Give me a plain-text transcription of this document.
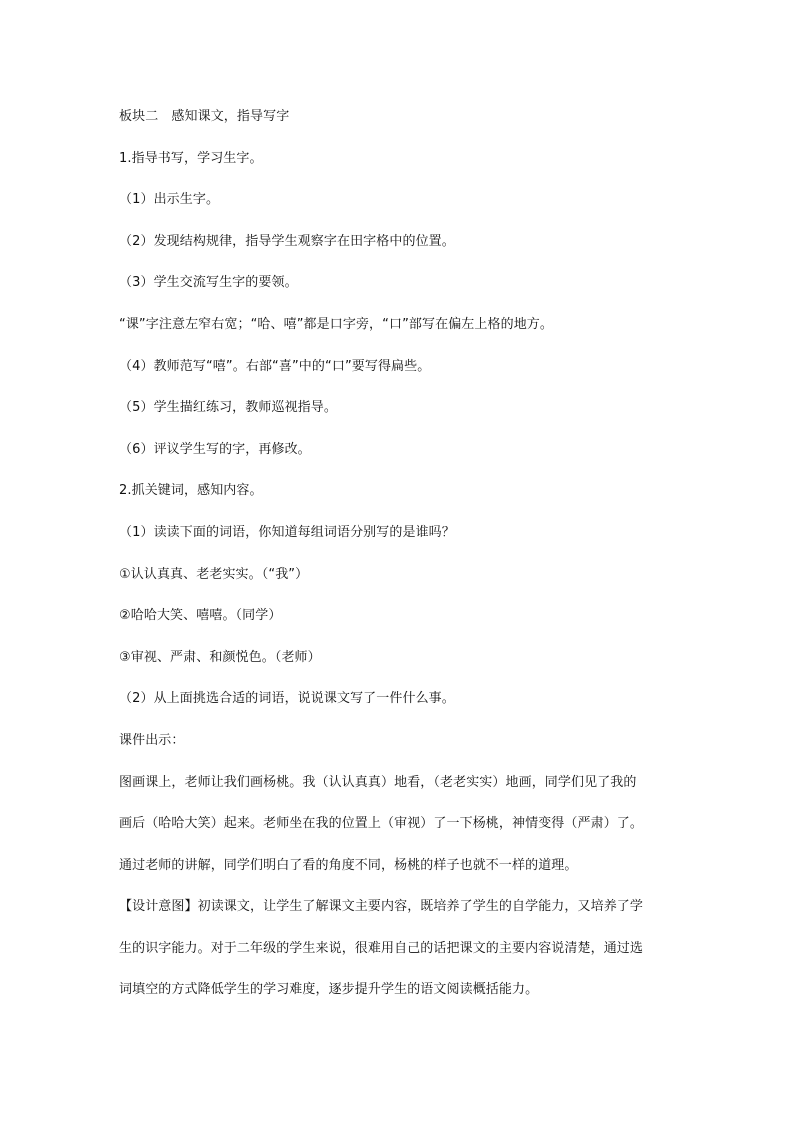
板块二　感知课文，指导写字
1.指导书写，学习生字。
（1）出示生字。
（2）发现结构规律，指导学生观察字在田字格中的位置。
（3）学生交流写生字的要领。
“课”字注意左窄右宽；“哈、嘻”都是口字旁，“口”部写在偏左上格的地方。
（4）教师范写“嘻”。右部“喜”中的“口”要写得扁些。
（5）学生描红练习，教师巡视指导。
（6）评议学生写的字，再修改。
2.抓关键词，感知内容。
（1）读读下面的词语，你知道每组词语分别写的是谁吗？
①认认真真、老老实实。（“我”）
②哈哈大笑、嘻嘻。（同学）
③审视、严肃、和颜悦色。（老师）
（2）从上面挑选合适的词语，说说课文写了一件什么事。
课件出示：
图画课上，老师让我们画杨桃。我（认认真真）地看，（老老实实）地画，同学们见了我的
画后（哈哈大笑）起来。老师坐在我的位置上（审视）了一下杨桃，神情变得（严肃）了。
通过老师的讲解，同学们明白了看的角度不同，杨桃的样子也就不一样的道理。
【设计意图】初读课文，让学生了解课文主要内容，既培养了学生的自学能力，又培养了学
生的识字能力。对于二年级的学生来说，很难用自己的话把课文的主要内容说清楚，通过选
词填空的方式降低学生的学习难度，逐步提升学生的语文阅读概括能力。
